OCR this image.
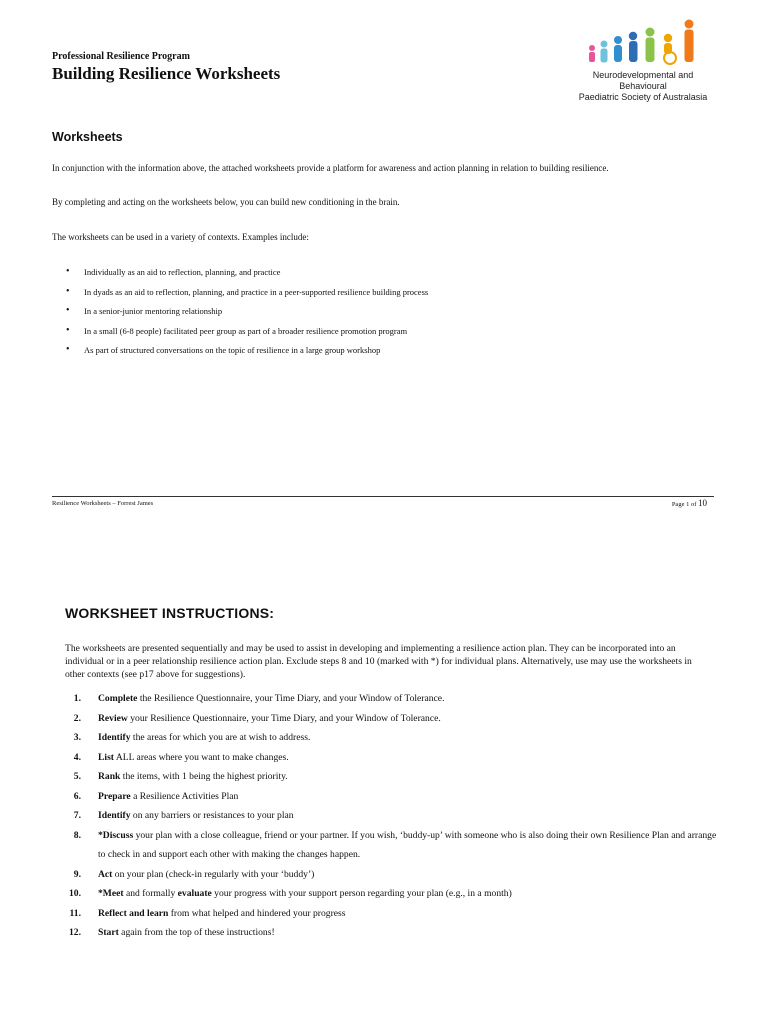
Professional Resilience Program
Building Resilience Worksheets	Neurodevelopmental and Behavioural
Paediatric Society of Australasia
Worksheets
In conjunction with the information above, the attached worksheets provide a platform for awareness and action planning in relation to building resilience.
By completing and acting on the worksheets below, you can build new conditioning in the brain.
The worksheets can be used in a variety of contexts. Examples include:
• Individually as an aid to reflection, planning, and practice
• In dyads as an aid to reflection, planning, and practice in a peer-supported resilience building process
• In a senior-junior mentoring relationship
• In a small (6-8 people) facilitated peer group as part of a broader resilience promotion program
• As part of structured conversations on the topic of resilience in a large group workshop
Resilience Worksheets – Forrest James	Page 1 of 10
WORKSHEET INSTRUCTIONS:
The worksheets are presented sequentially and may be used to assist in developing and implementing a resilience action plan. They can be incorporated into an individual or in a peer relationship resilience action plan. Exclude steps 8 and 10 (marked with *) for individual plans. Alternatively, use may use the worksheets in other contexts (see p17 above for suggestions).
1. Complete the Resilience Questionnaire, your Time Diary, and your Window of Tolerance.
2. Review your Resilience Questionnaire, your Time Diary, and your Window of Tolerance.
3. Identify the areas for which you are at wish to address.
4. List ALL areas where you want to make changes.
5. Rank the items, with 1 being the highest priority.
6. Prepare a Resilience Activities Plan
7. Identify on any barriers or resistances to your plan
8. *Discuss your plan with a close colleague, friend or your partner. If you wish, ‘buddy-up’ with someone who is also doing their own Resilience Plan and arrange to check in and support each other with making the changes happen.
9. Act on your plan (check-in regularly with your ‘buddy’)
10. *Meet and formally evaluate your progress with your support person regarding your plan (e.g., in a month)
11. Reflect and learn from what helped and hindered your progress
12. Start again from the top of these instructions!
